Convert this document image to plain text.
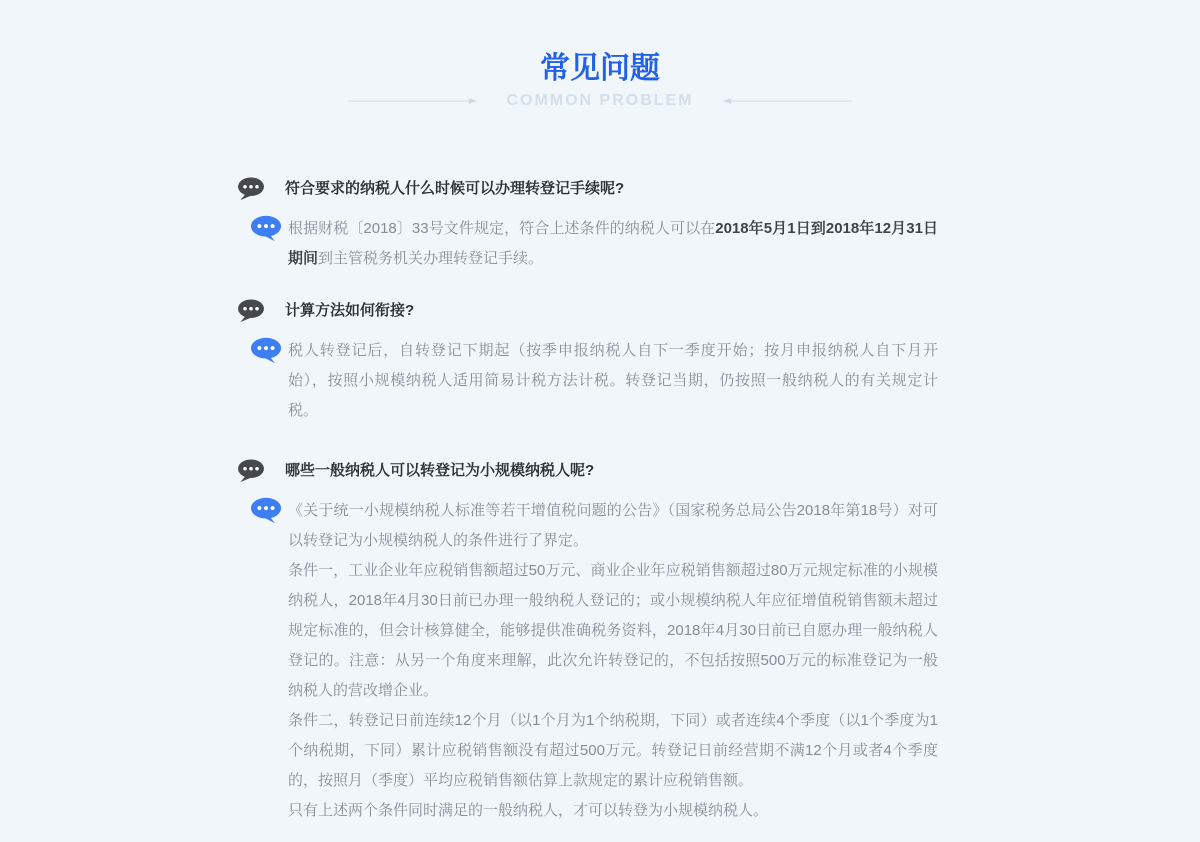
常见问题
COMMON PROBLEM
符合要求的纳税人什么时候可以办理转登记手续呢?

根据财税〔2018〕33号文件规定，符合上述条件的纳税人可以在2018年5月1日到2018年12月31日期间到主管税务机关办理转登记手续。

计算方法如何衔接?

税人转登记后，自转登记下期起（按季申报纳税人自下一季度开始；按月申报纳税人自下月开始），按照小规模纳税人适用简易计税方法计税。转登记当期，仍按照一般纳税人的有关规定计税。

哪些一般纳税人可以转登记为小规模纳税人呢?

《关于统一小规模纳税人标准等若干增值税问题的公告》（国家税务总局公告2018年第18号）对可以转登记为小规模纳税人的条件进行了界定。

条件一，工业企业年应税销售额超过50万元、商业企业年应税销售额超过80万元规定标准的小规模纳税人，2018年4月30日前已办理一般纳税人登记的；或小规模纳税人年应征增值税销售额未超过规定标准的，但会计核算健全，能够提供准确税务资料，2018年4月30日前已自愿办理一般纳税人登记的。注意：从另一个角度来理解，此次允许转登记的，不包括按照500万元的标准登记为一般纳税人的营改增企业。

条件二，转登记日前连续12个月（以1个月为1个纳税期，下同）或者连续4个季度（以1个季度为1个纳税期，下同）累计应税销售额没有超过500万元。转登记日前经营期不满12个月或者4个季度的，按照月（季度）平均应税销售额估算上款规定的累计应税销售额。

只有上述两个条件同时满足的一般纳税人，才可以转登为小规模纳税人。
